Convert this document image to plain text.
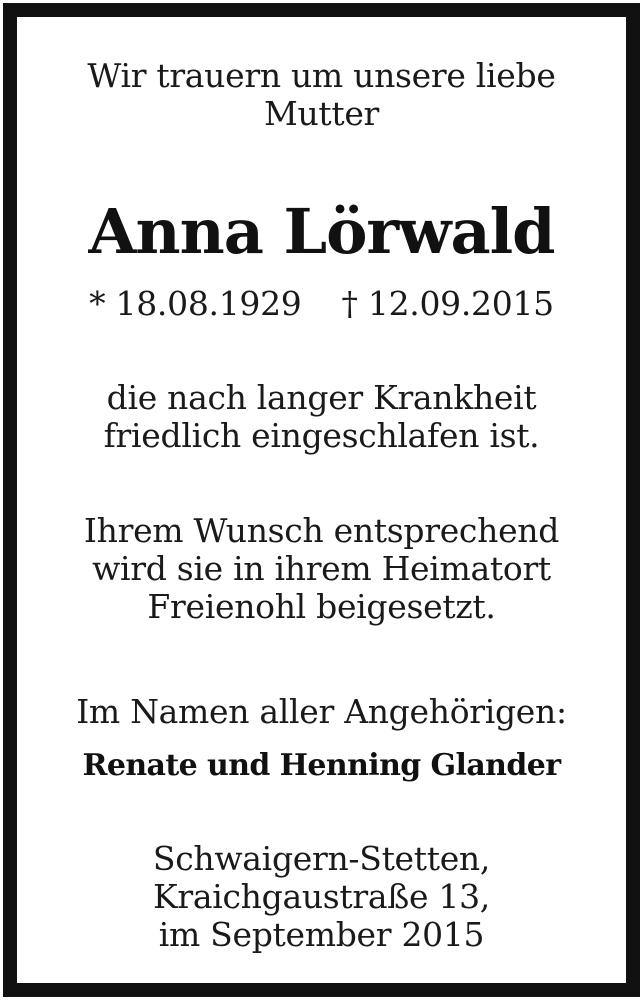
Wir trauern um unsere liebe
Mutter
Anna Lörwald
* 18.08.1929 † 12.09.2015
die nach langer Krankheit
friedlich eingeschlafen ist.
Ihrem Wunsch entsprechend
wird sie in ihrem Heimatort
Freienohl beigesetzt.
Im Namen aller Angehörigen:
Renate und Henning Glander
Schwaigern-Stetten,
Kraichgaustraße 13,
im September 2015
